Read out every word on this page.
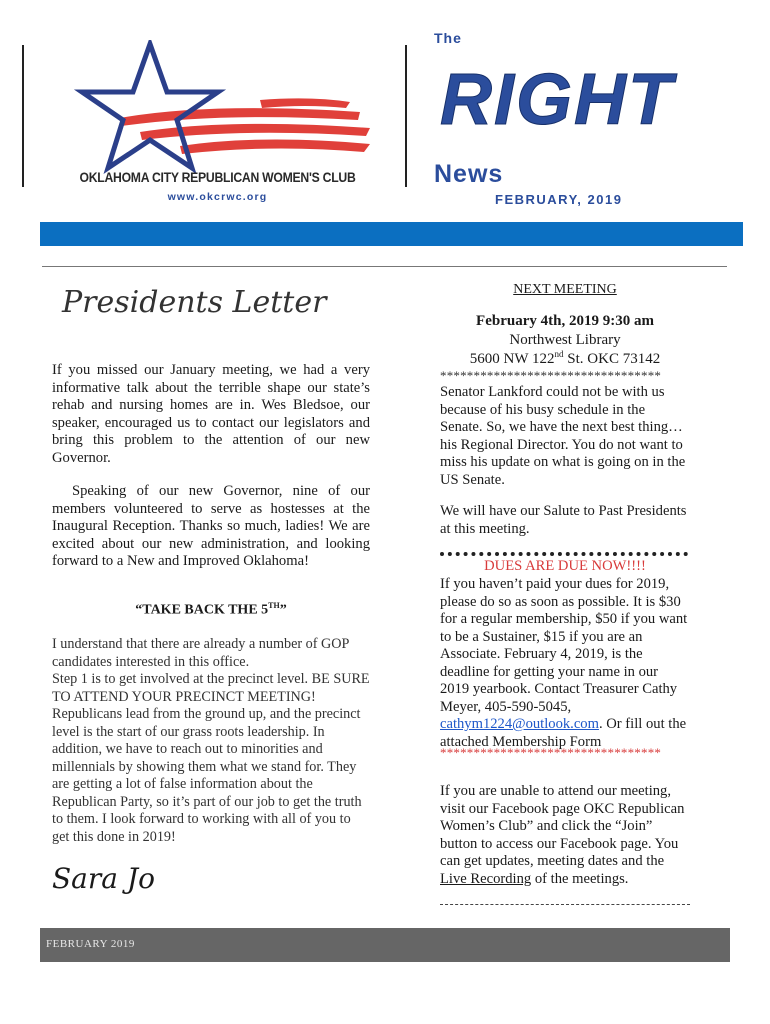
OKLAHOMA CITY REPUBLICAN WOMEN'S CLUB
www.okcrwc.org
The
RIGHT
News
FEBRUARY, 2019
Presidents Letter

If you missed our January meeting, we had a very informative talk about the terrible shape our state’s rehab and nursing homes are in. Wes Bledsoe, our speaker, encouraged us to contact our legislators and bring this problem to the attention of our new Governor.

Speaking of our new Governor, nine of our members volunteered to serve as hostesses at the Inaugural Reception. Thanks so much, ladies! We are excited about our new administration, and looking forward to a New and Improved Oklahoma!

“TAKE BACK THE 5TH”

I understand that there are already a number of GOP candidates interested in this office.
Step 1 is to get involved at the precinct level. BE SURE TO ATTEND YOUR PRECINCT MEETING! Republicans lead from the ground up, and the precinct level is the start of our grass roots leadership. In addition, we have to reach out to minorities and millennials by showing them what we stand for. They are getting a lot of false information about the Republican Party, so it’s part of our job to get the truth to them. I look forward to working with all of you to get this done in 2019!

Sara Jo
NEXT MEETING
February 4th, 2019 9:30 am
Northwest Library
5600 NW 122nd St. OKC 73142
*********************************

Senator Lankford could not be with us because of his busy schedule in the Senate. So, we have the next best thing…his Regional Director. You do not want to miss his update on what is going on in the US Senate.

We will have our Salute to Past Presidents at this meeting.

DUES ARE DUE NOW!!!!

If you haven’t paid your dues for 2019, please do so as soon as possible. It is $30 for a regular membership, $50 if you want to be a Sustainer, $15 if you are an Associate. February 4, 2019, is the deadline for getting your name in our 2019 yearbook. Contact Treasurer Cathy Meyer, 405-590-5045, cathym1224@outlook.com. Or fill out the attached Membership Form

*********************************

If you are unable to attend our meeting, visit our Facebook page OKC Republican Women’s Club” and click the “Join” button to access our Facebook page. You can get updates, meeting dates and the Live Recording of the meetings.

FEBRUARY 2019
